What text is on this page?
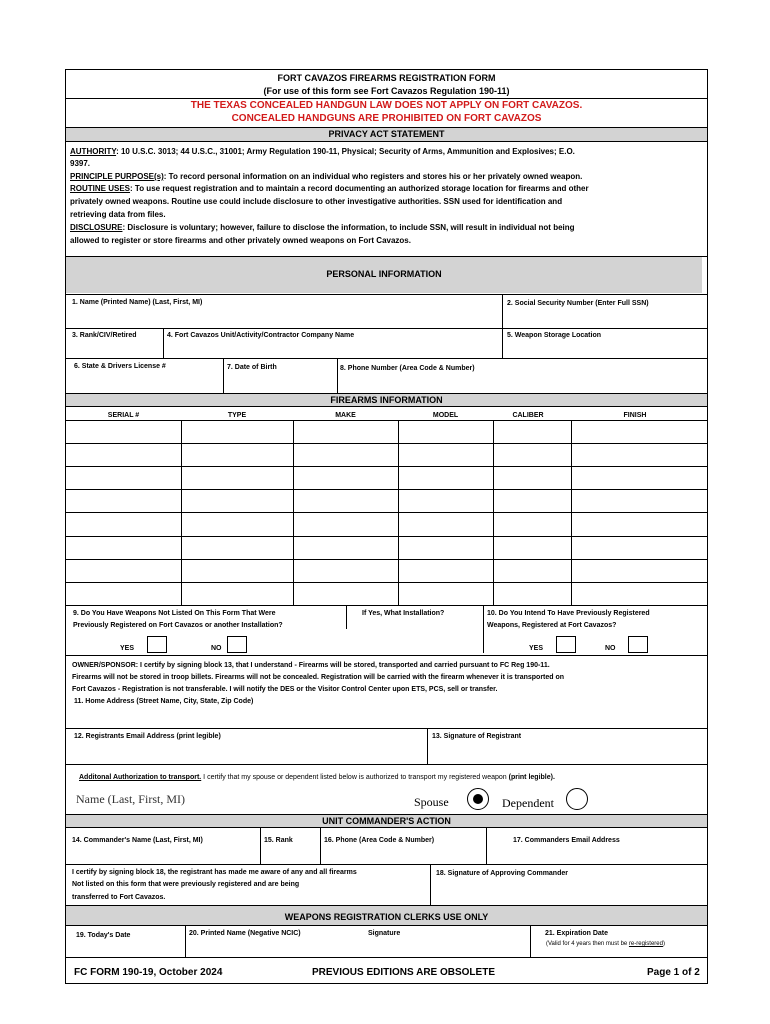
FORT CAVAZOS FIREARMS REGISTRATION FORM
(For use of this form see Fort Cavazos Regulation 190-11)
THE TEXAS CONCEALED HANDGUN LAW DOES NOT APPLY ON FORT CAVAZOS.
CONCEALED HANDGUNS ARE PROHIBITED ON FORT CAVAZOS
PRIVACY ACT STATEMENT
AUTHORITY: 10 U.S.C. 3013; 44 U.S.C., 31001; Army Regulation 190-11, Physical; Security of Arms, Ammunition and Explosives; E.O.
9397.
PRINCIPLE PURPOSE(s): To record personal information on an individual who registers and stores his or her privately owned weapon.
ROUTINE USES: To use request registration and to maintain a record documenting an authorized storage location for firearms and other
privately owned weapons. Routine use could include disclosure to other investigative authorities. SSN used for identification and
retrieving data from files.
DISCLOSURE: Disclosure is voluntary; however, failure to disclose the information, to include SSN, will result in individual not being
allowed to register or store firearms and other privately owned weapons on Fort Cavazos.
PERSONAL INFORMATION
1. Name (Printed Name) (Last, First, MI)	2. Social Security Number (Enter Full SSN)
3. Rank/CIV/Retired	4. Fort Cavazos Unit/Activity/Contractor Company Name	5. Weapon Storage Location
6. State & Drivers License #	7. Date of Birth	8. Phone Number (Area Code & Number)
FIREARMS INFORMATION
SERIAL #	TYPE	MAKE	MODEL	CALIBER	FINISH
9. Do You Have Weapons Not Listed On This Form That Were
Previously Registered on Fort Cavazos or another Installation?
If Yes, What Installation?	10. Do You Intend To Have Previously Registered
Weapons, Registered at Fort Cavazos?
YES	NO	YES	NO
OWNER/SPONSOR: I certify by signing block 13, that I understand - Firearms will be stored, transported and carried pursuant to FC Reg 190-11.
Firearms will not be stored in troop billets. Firearms will not be concealed. Registration will be carried with the firearm whenever it is transported on
Fort Cavazos - Registration is not transferable. I will notify the DES or the Visitor Control Center upon ETS, PCS, sell or transfer.
11. Home Address (Street Name, City, State, Zip Code)
12. Registrants Email Address (print legible)	13. Signature of Registrant
Additonal Authorization to transport. I certify that my spouse or dependent listed below is authorized to transport my registered weapon (print legible).
Name (Last, First, MI)	Spouse	Dependent
UNIT COMMANDER'S ACTION
14. Commander's Name (Last, First, MI)	15. Rank	16. Phone (Area Code & Number)	17. Commanders Email Address
I certify by signing block 18, the registrant has made me aware of any and all firearms
Not listed on this form that were previously registered and are being
transferred to Fort Cavazos.
18. Signature of Approving Commander
WEAPONS REGISTRATION CLERKS USE ONLY
19. Today's Date	20. Printed Name (Negative NCIC)	Signature	21. Expiration Date
(Valid for 4 years then must be re-registered)
FC FORM 190-19, October 2024	PREVIOUS EDITIONS ARE OBSOLETE	Page 1 of 2
